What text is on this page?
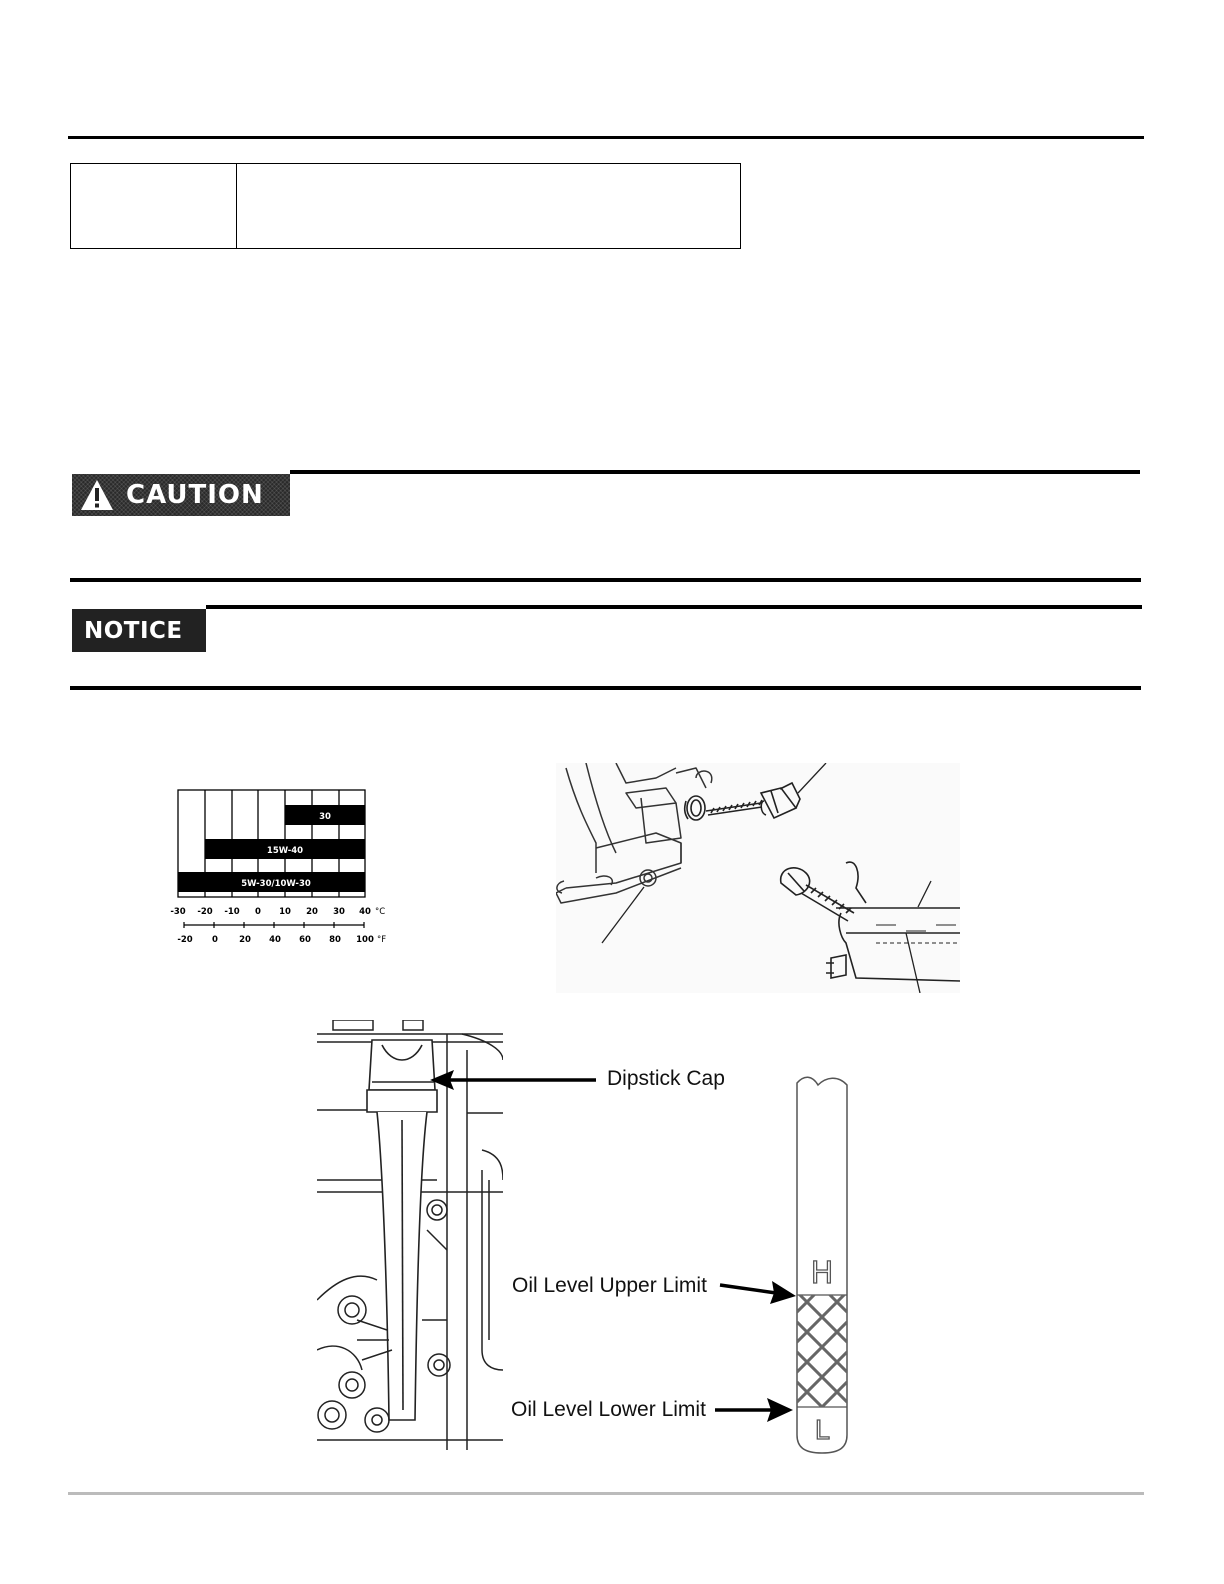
CAUTION
NOTICE
30
15W-40
5W-30/10W-30
-30 -20 -10 0 10 20 30 40 °C
-20 0 20 40 60 80 100 °F
Dipstick Cap
H
L
Oil Level Upper Limit
Oil Level Lower Limit
